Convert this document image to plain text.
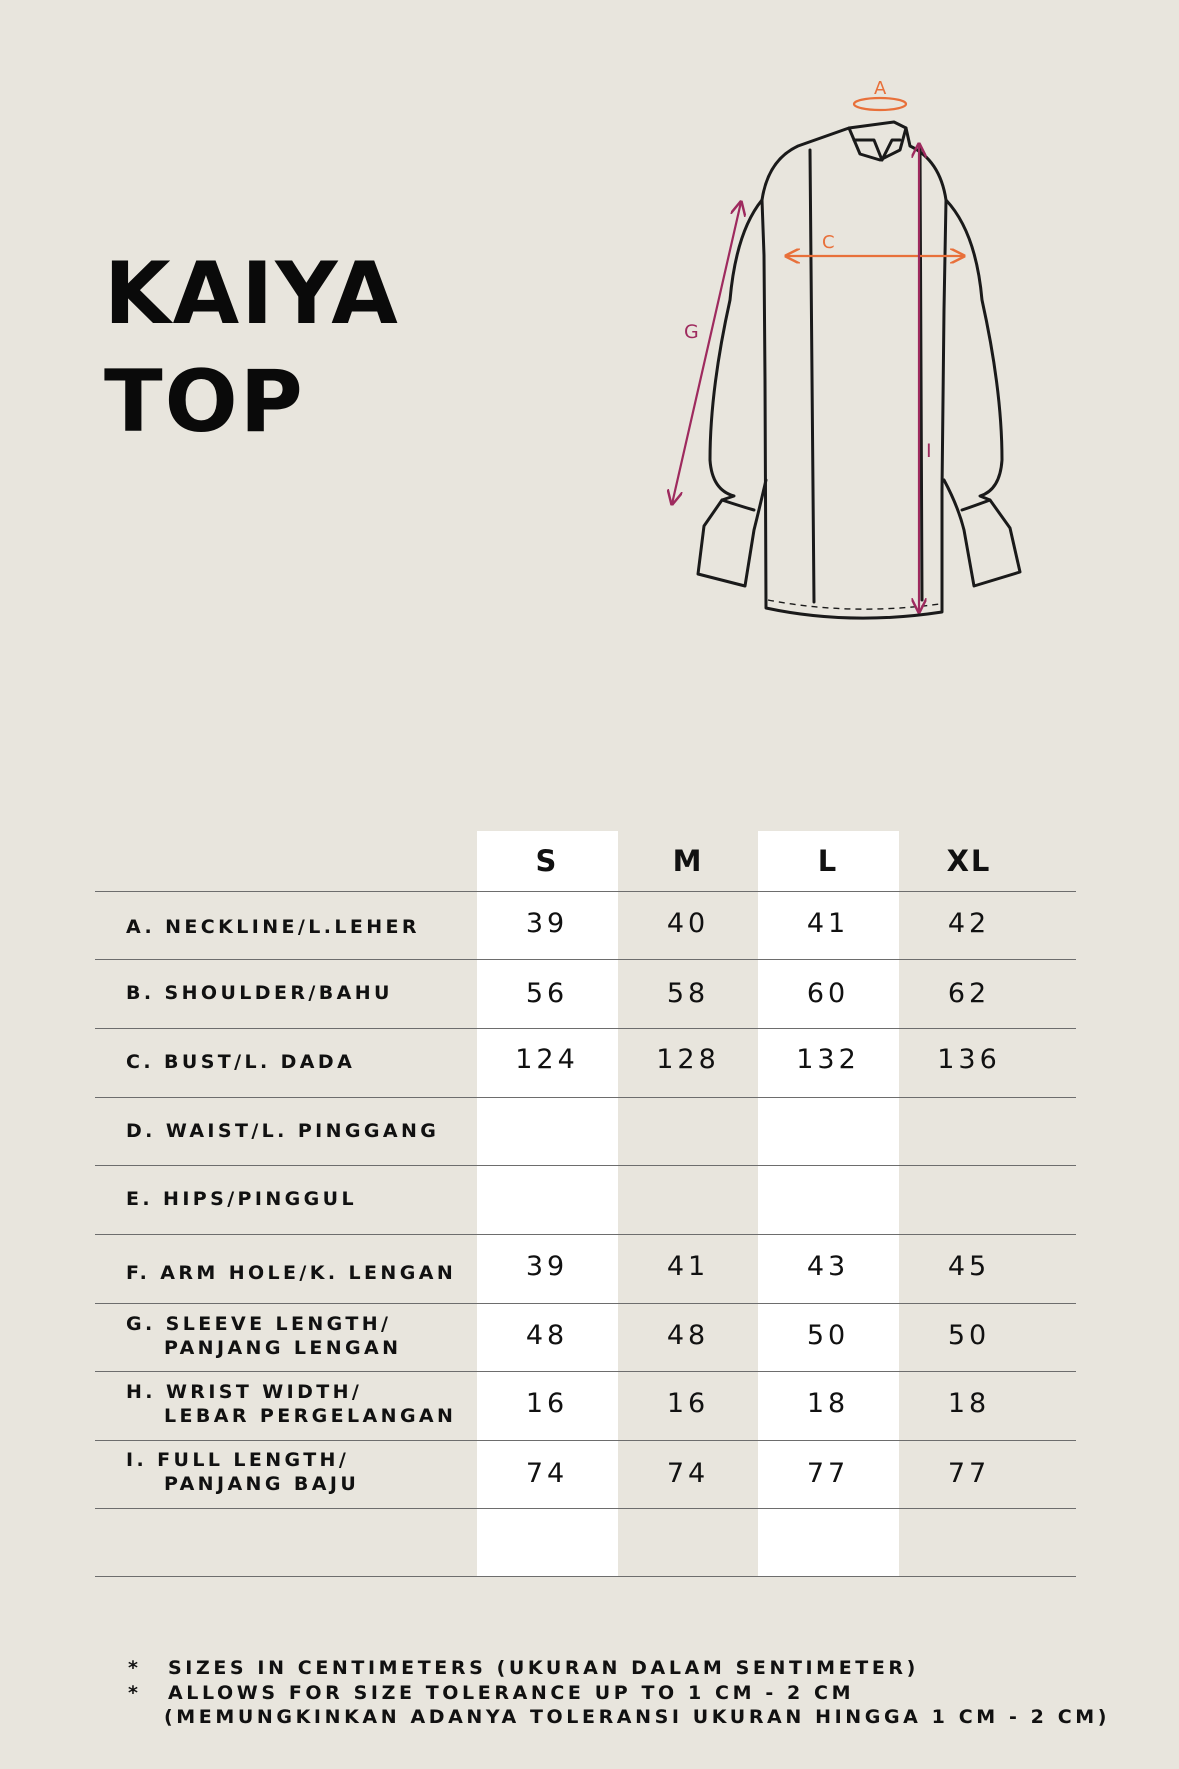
KAIYA
TOP
A
C
G
I
S	M	L	XL
A. NECKLINE/L.LEHER	39	40	41	42
B. SHOULDER/BAHU	56	58	60	62
C. BUST/L. DADA	124	128	132	136
D. WAIST/L. PINGGANG
E. HIPS/PINGGUL
F. ARM HOLE/K. LENGAN	39	41	43	45
G. SLEEVE LENGTH/
PANJANG LENGAN	48	48	50	50
H. WRIST WIDTH/
LEBAR PERGELANGAN	16	16	18	18
I. FULL LENGTH/
PANJANG BAJU	74	74	77	77
*	SIZES IN CENTIMETERS (UKURAN DALAM SENTIMETER)
*	ALLOWS FOR SIZE TOLERANCE UP TO 1 CM - 2 CM
(MEMUNGKINKAN ADANYA TOLERANSI UKURAN HINGGA 1 CM - 2 CM)
